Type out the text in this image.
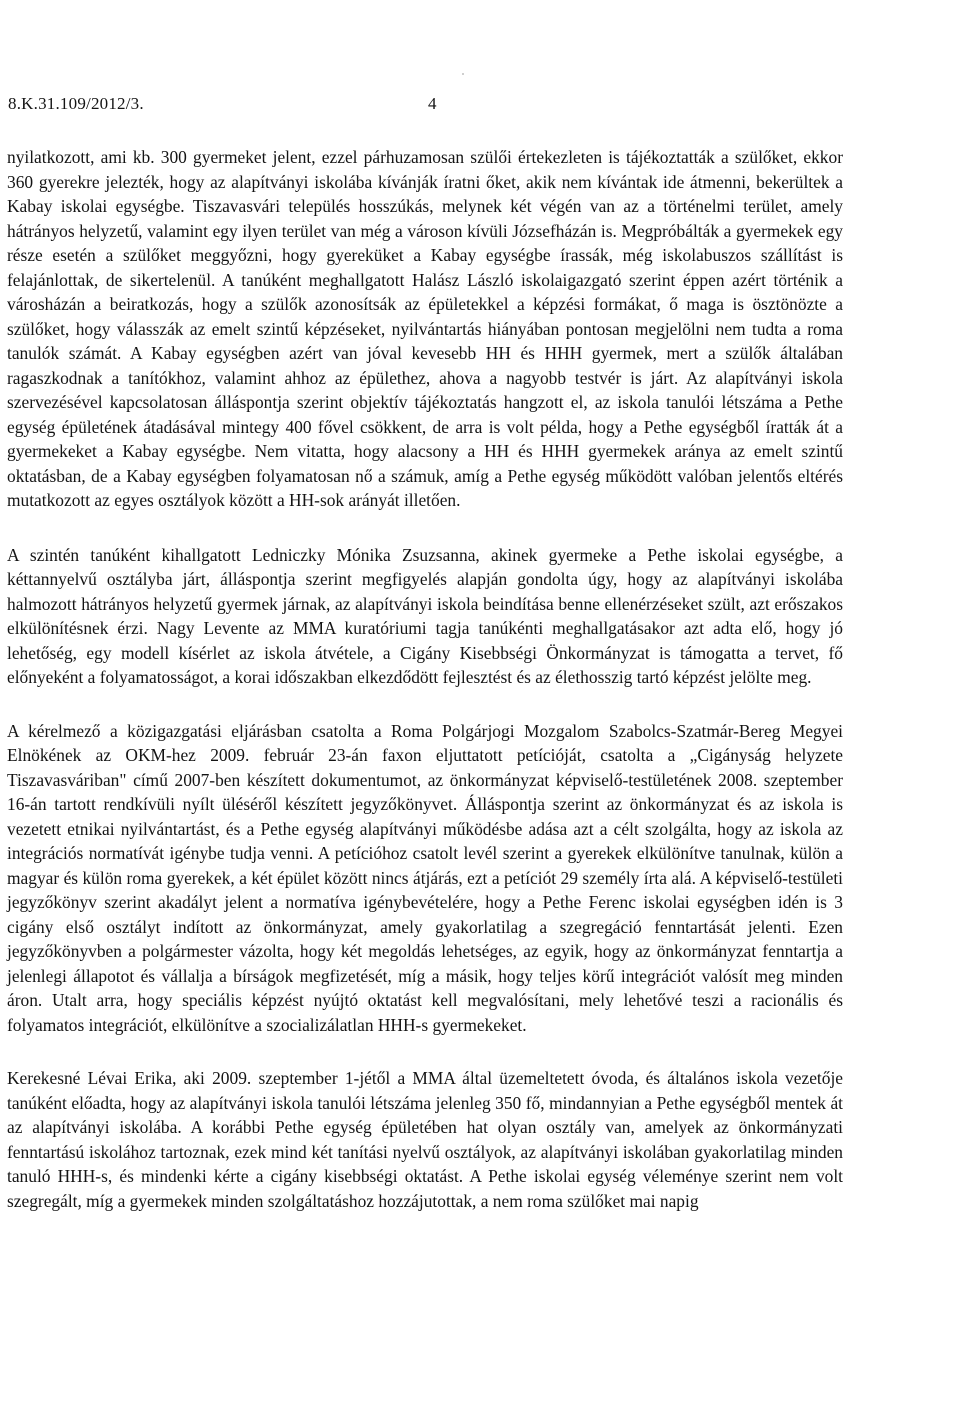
8.K.31.109/2012/3.	4

nyilatkozott, ami kb. 300 gyermeket jelent, ezzel párhuzamosan szülői értekezleten is tájékoztatták a szülőket, ekkor 360 gyerekre jelezték, hogy az alapítványi iskolába kívánják íratni őket, akik nem kívántak ide átmenni, bekerültek a Kabay iskolai egységbe. Tiszavasvári település hosszúkás, melynek két végén van az a történelmi terület, amely hátrányos helyzetű, valamint egy ilyen terület van még a városon kívüli Józsefházán is. Megpróbálták a gyermekek egy része esetén a szülőket meggyőzni, hogy gyereküket a Kabay egységbe írassák, még iskolabuszos szállítást is felajánlottak, de sikertelenül. A tanúként meghallgatott Halász László iskolaigazgató szerint éppen azért történik a városházán a beiratkozás, hogy a szülők azonosítsák az épületekkel a képzési formákat, ő maga is ösztönözte a szülőket, hogy válasszák az emelt szintű képzéseket, nyilvántartás hiányában pontosan megjelölni nem tudta a roma tanulók számát. A Kabay egységben azért van jóval kevesebb HH és HHH gyermek, mert a szülők általában ragaszkodnak a tanítókhoz, valamint ahhoz az épülethez, ahova a nagyobb testvér is járt. Az alapítványi iskola szervezésével kapcsolatosan álláspontja szerint objektív tájékoztatás hangzott el, az iskola tanulói létszáma a Pethe egység épületének átadásával mintegy 400 fővel csökkent, de arra is volt példa, hogy a Pethe egységből íratták át a gyermekeket a Kabay egységbe. Nem vitatta, hogy alacsony a HH és HHH gyermekek aránya az emelt szintű oktatásban, de a Kabay egységben folyamatosan nő a számuk, amíg a Pethe egység működött valóban jelentős eltérés mutatkozott az egyes osztályok között a HH-sok arányát illetően.

A szintén tanúként kihallgatott Ledniczky Mónika Zsuzsanna, akinek gyermeke a Pethe iskolai egységbe, a kéttannyelvű osztályba járt, álláspontja szerint megfigyelés alapján gondolta úgy, hogy az alapítványi iskolába halmozott hátrányos helyzetű gyermek járnak, az alapítványi iskola beindítása benne ellenérzéseket szült, azt erőszakos elkülönítésnek érzi. Nagy Levente az MMA kuratóriumi tagja tanúkénti meghallgatásakor azt adta elő, hogy jó lehetőség, egy modell kísérlet az iskola átvétele, a Cigány Kisebbségi Önkormányzat is támogatta a tervet, fő előnyeként a folyamatosságot, a korai időszakban elkezdődött fejlesztést és az élethosszig tartó képzést jelölte meg.

A kérelmező a közigazgatási eljárásban csatolta a Roma Polgárjogi Mozgalom Szabolcs-Szatmár-Bereg Megyei Elnökének az OKM-hez 2009. február 23-án faxon eljuttatott petícióját, csatolta a „Cigányság helyzete Tiszavasváriban" című 2007-ben készített dokumentumot, az önkormányzat képviselő-testületének 2008. szeptember 16-án tartott rendkívüli nyílt üléséről készített jegyzőkönyvet. Álláspontja szerint az önkormányzat és az iskola is vezetett etnikai nyilvántartást, és a Pethe egység alapítványi működésbe adása azt a célt szolgálta, hogy az iskola az integrációs normatívát igénybe tudja venni. A petícióhoz csatolt levél szerint a gyerekek elkülönítve tanulnak, külön a magyar és külön roma gyerekek, a két épület között nincs átjárás, ezt a petíciót 29 személy írta alá. A képviselő-testületi jegyzőkönyv szerint akadályt jelent a normatíva igénybevételére, hogy a Pethe Ferenc iskolai egységben idén is 3 cigány első osztályt indított az önkormányzat, amely gyakorlatilag a szegregáció fenntartását jelenti. Ezen jegyzőkönyvben a polgármester vázolta, hogy két megoldás lehetséges, az egyik, hogy az önkormányzat fenntartja a jelenlegi állapotot és vállalja a bírságok megfizetését, míg a másik, hogy teljes körű integrációt valósít meg minden áron. Utalt arra, hogy speciális képzést nyújtó oktatást kell megvalósítani, mely lehetővé teszi a racionális és folyamatos integrációt, elkülönítve a szocializálatlan HHH-s gyermekeket.

Kerekesné Lévai Erika, aki 2009. szeptember 1-jétől a MMA által üzemeltetett óvoda, és általános iskola vezetője tanúként előadta, hogy az alapítványi iskola tanulói létszáma jelenleg 350 fő, mindannyian a Pethe egységből mentek át az alapítványi iskolába. A korábbi Pethe egység épületében hat olyan osztály van, amelyek az önkormányzati fenntartású iskolához tartoznak, ezek mind két tanítási nyelvű osztályok, az alapítványi iskolában gyakorlatilag minden tanuló HHH-s, és mindenki kérte a cigány kisebbségi oktatást. A Pethe iskolai egység véleménye szerint nem volt szegregált, míg a gyermekek minden szolgáltatáshoz hozzájutottak, a nem roma szülőket mai napig
